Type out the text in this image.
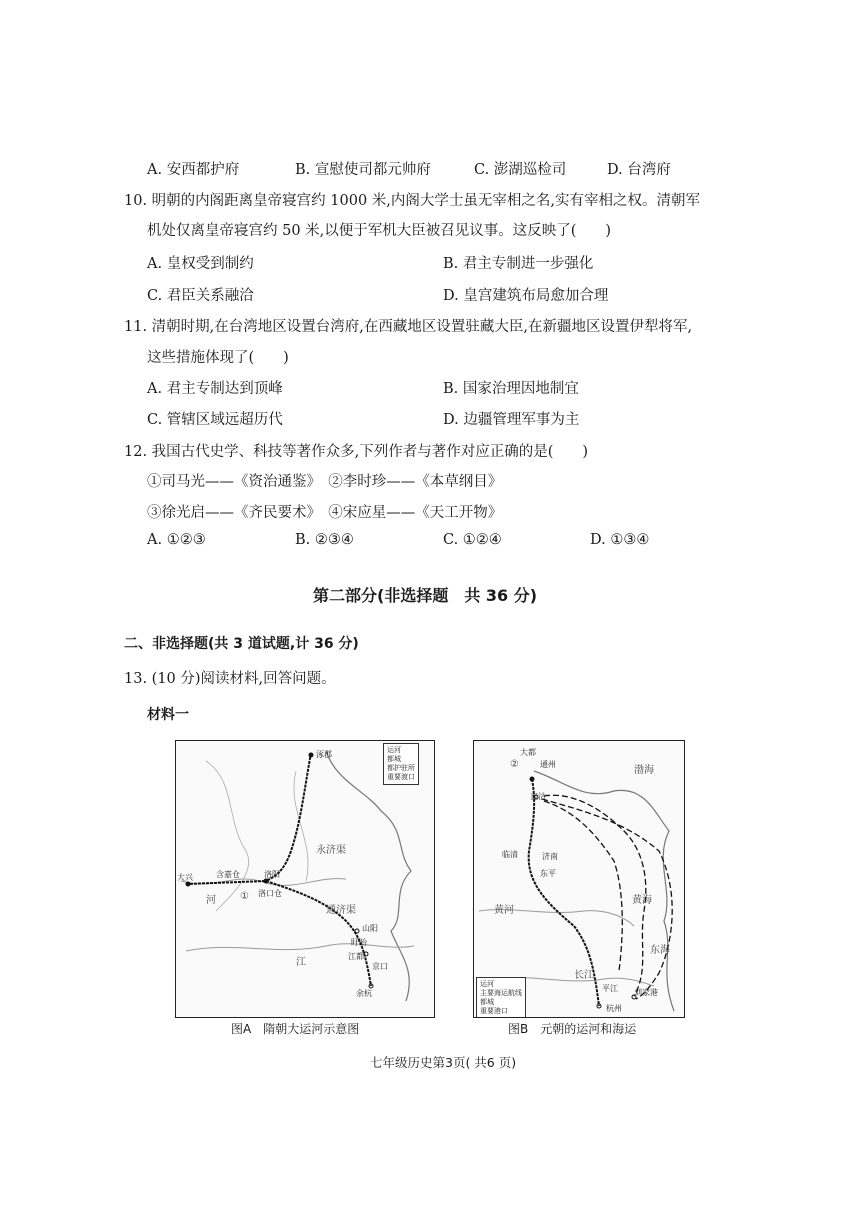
A. 安西都护府	B. 宣慰使司都元帅府	C. 澎湖巡检司	D. 台湾府
10. 明朝的内阁距离皇帝寝宫约 1000 米,内阁大学士虽无宰相之名,实有宰相之权。清朝军
机处仅离皇帝寝宫约 50 米,以便于军机大臣被召见议事。这反映了(　　)
A. 皇权受到制约	B. 君主专制进一步强化
C. 君臣关系融洽	D. 皇宫建筑布局愈加合理
11. 清朝时期,在台湾地区设置台湾府,在西藏地区设置驻藏大臣,在新疆地区设置伊犁将军,
这些措施体现了(　　)
A. 君主专制达到顶峰	B. 国家治理因地制宜
C. 管辖区域远超历代	D. 边疆管理军事为主
12. 我国古代史学、科技等著作众多,下列作者与著作对应正确的是(　　)
①司马光——《资治通鉴》　②李时珍——《本草纲目》
③徐光启——《齐民要术》　④宋应星——《天工开物》
A. ①②③	B. ②③④	C. ①②④	D. ①③④
第二部分(非选择题　共 36 分)
二、非选择题(共 3 道试题,计 36 分)
13. (10 分)阅读材料,回答问题。
材料一
运河
都城
都护驻所
重要渡口
涿郡
大兴	含嘉仓	洛阳
洛口仓
①
山阳
盱眙
江都
京口
余杭
永济渠
通济渠
河
江
图A　隋朝大运河示意图
大都
通州
②
直沽
临清	济南
东平
黄河
长江
平江 刘家港
杭州
渤海
黄海
东海
运河
主要海运航线
都城
重要港口
图B　元朝的运河和海运
七年级历史第3页( 共6 页)
